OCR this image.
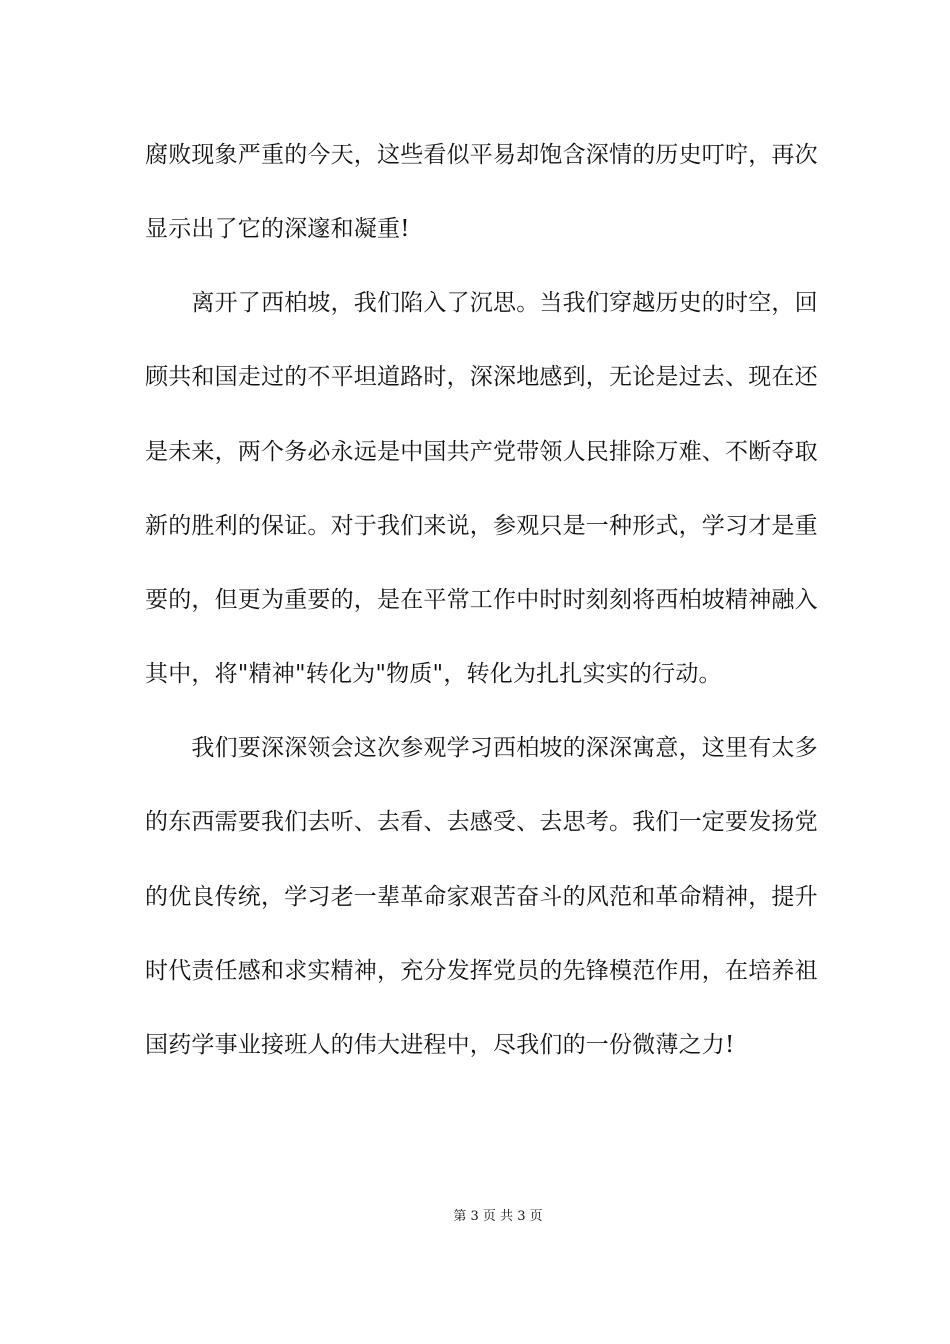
腐败现象严重的今天，这些看似平易却饱含深情的历史叮咛，再次
显示出了它的深邃和凝重!
　　离开了西柏坡，我们陷入了沉思。当我们穿越历史的时空，回
顾共和国走过的不平坦道路时，深深地感到，无论是过去、现在还
是未来，两个务必永远是中国共产党带领人民排除万难、不断夺取
新的胜利的保证。对于我们来说，参观只是一种形式，学习才是重
要的，但更为重要的，是在平常工作中时时刻刻将西柏坡精神融入
其中，将"精神"转化为"物质"，转化为扎扎实实的行动。
　　我们要深深领会这次参观学习西柏坡的深深寓意，这里有太多
的东西需要我们去听、去看、去感受、去思考。我们一定要发扬党
的优良传统，学习老一辈革命家艰苦奋斗的风范和革命精神，提升
时代责任感和求实精神，充分发挥党员的先锋模范作用，在培养祖
国药学事业接班人的伟大进程中，尽我们的一份微薄之力!
第 3 页 共 3 页
